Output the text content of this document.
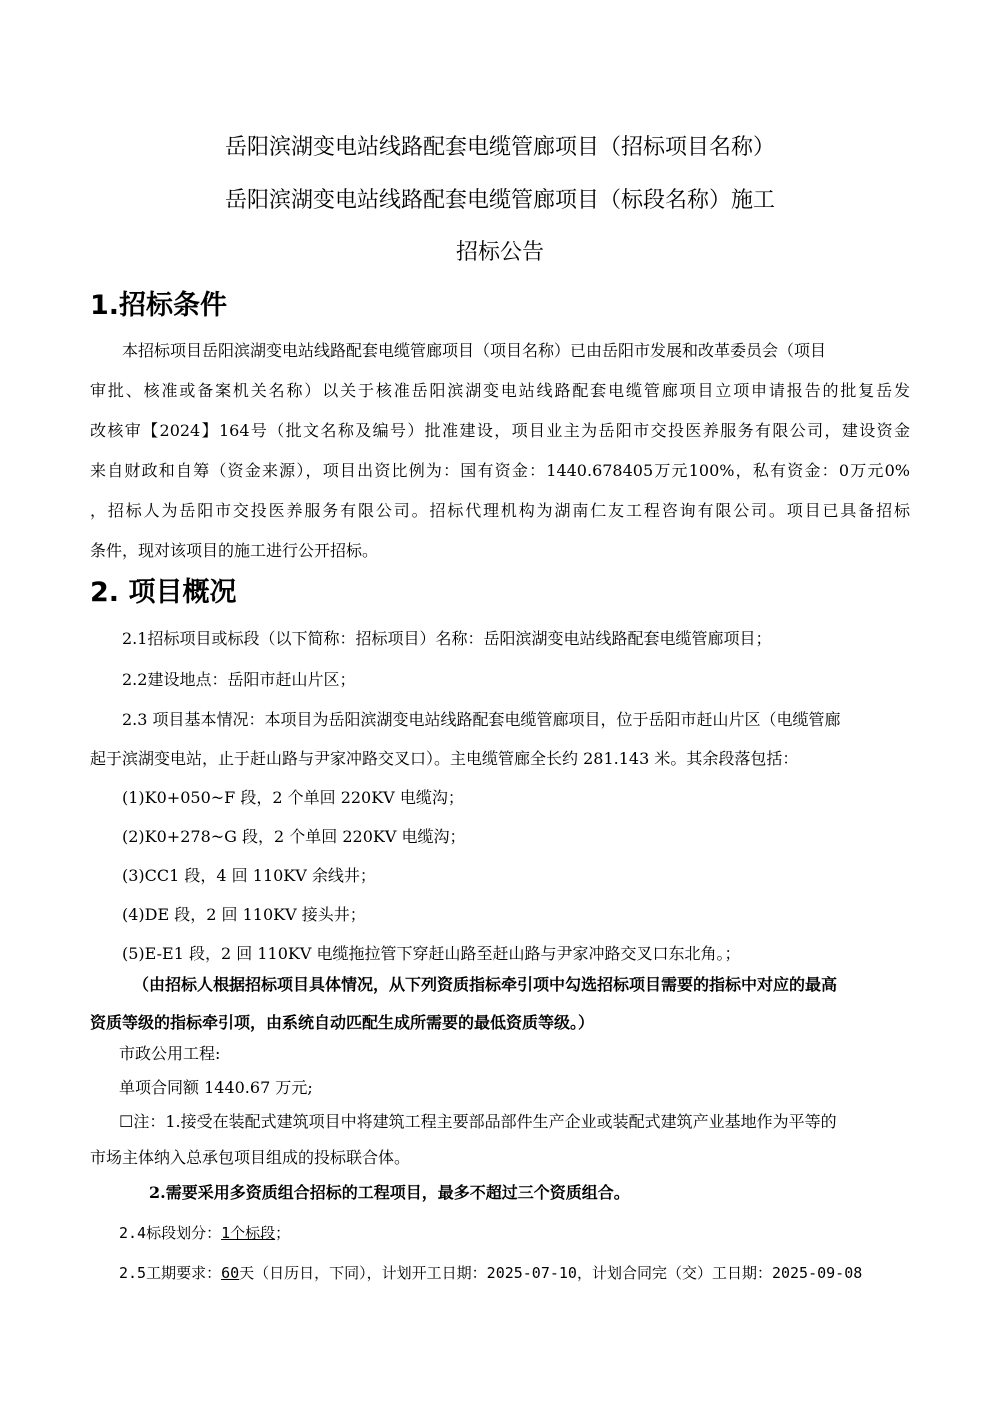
岳阳滨湖变电站线路配套电缆管廊项目（招标项目名称）
岳阳滨湖变电站线路配套电缆管廊项目（标段名称）施工
招标公告
1.招标条件
本招标项目岳阳滨湖变电站线路配套电缆管廊项目（项目名称）已由岳阳市发展和改革委员会（项目
审批、核准或备案机关名称）以关于核准岳阳滨湖变电站线路配套电缆管廊项目立项申请报告的批复岳发
改核审【2024】164号（批文名称及编号）批准建设，项目业主为岳阳市交投医养服务有限公司，建设资金
来自财政和自筹（资金来源），项目出资比例为：国有资金：1440.678405万元100%，私有资金：0万元0%
，招标人为岳阳市交投医养服务有限公司。招标代理机构为湖南仁友工程咨询有限公司。项目已具备招标
条件，现对该项目的施工进行公开招标。
2. 项目概况
2.1招标项目或标段（以下简称：招标项目）名称：岳阳滨湖变电站线路配套电缆管廊项目；
2.2建设地点：岳阳市赶山片区；
2.3 项目基本情况：本项目为岳阳滨湖变电站线路配套电缆管廊项目，位于岳阳市赶山片区（电缆管廊
起于滨湖变电站，止于赶山路与尹家冲路交叉口）。主电缆管廊全长约 281.143 米。其余段落包括：
(1)K0+050~F 段，2 个单回 220KV 电缆沟；
(2)K0+278~G 段，2 个单回 220KV 电缆沟；
(3)CC1 段，4 回 110KV 余线井；
(4)DE 段，2 回 110KV 接头井；
(5)E-E1 段，2 回 110KV 电缆拖拉管下穿赶山路至赶山路与尹家冲路交叉口东北角。；
（由招标人根据招标项目具体情况，从下列资质指标牵引项中勾选招标项目需要的指标中对应的最高
资质等级的指标牵引项，由系统自动匹配生成所需要的最低资质等级。）
市政公用工程:
单项合同额 1440.67 万元;
☐注：1.接受在装配式建筑项目中将建筑工程主要部品部件生产企业或装配式建筑产业基地作为平等的
市场主体纳入总承包项目组成的投标联合体。
2.需要采用多资质组合招标的工程项目，最多不超过三个资质组合。
2.4标段划分：1个标段；
2.5工期要求：60天（日历日，下同），计划开工日期：2025-07-10，计划合同完（交）工日期：2025-09-08
